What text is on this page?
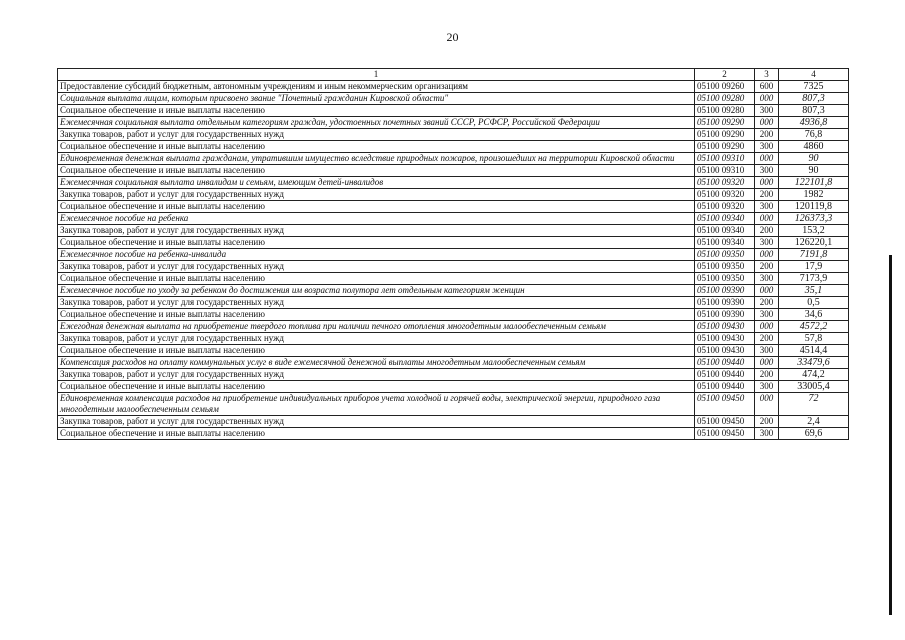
20
1	2	3	4
Предоставление субсидий бюджетным, автономным учреждениям и иным некоммерческим организациям	05100 09260	600	7325
Социальная выплата лицам, которым присвоено звание "Почетный гражданин Кировской области"	05100 09280	000	807,3
Социальное обеспечение и иные выплаты населению	05100 09280	300	807,3
Ежемесячная социальная выплата отдельным категориям граждан, удостоенных почетных званий СССР, РСФСР, Российской Федерации	05100 09290	000	4936,8
Закупка товаров, работ и услуг для государственных нужд	05100 09290	200	76,8
Социальное обеспечение и иные выплаты населению	05100 09290	300	4860
Единовременная денежная выплата гражданам, утратившим имущество вследствие природных пожаров, произошедших на территории Кировской области	05100 09310	000	90
Социальное обеспечение и иные выплаты населению	05100 09310	300	90
Ежемесячная социальная выплата инвалидам и семьям, имеющим детей-инвалидов	05100 09320	000	122101,8
Закупка товаров, работ и услуг для государственных нужд	05100 09320	200	1982
Социальное обеспечение и иные выплаты населению	05100 09320	300	120119,8
Ежемесячное пособие на ребенка	05100 09340	000	126373,3
Закупка товаров, работ и услуг для государственных нужд	05100 09340	200	153,2
Социальное обеспечение и иные выплаты населению	05100 09340	300	126220,1
Ежемесячное пособие на ребенка-инвалида	05100 09350	000	7191,8
Закупка товаров, работ и услуг для государственных нужд	05100 09350	200	17,9
Социальное обеспечение и иные выплаты населению	05100 09350	300	7173,9
Ежемесячное пособие по уходу за ребенком до достижения им возраста полутора лет отдельным категориям женщин	05100 09390	000	35,1
Закупка товаров, работ и услуг для государственных нужд	05100 09390	200	0,5
Социальное обеспечение и иные выплаты населению	05100 09390	300	34,6
Ежегодная денежная выплата на приобретение твердого топлива при наличии печного отопления многодетным малообеспеченным семьям	05100 09430	000	4572,2
Закупка товаров, работ и услуг для государственных нужд	05100 09430	200	57,8
Социальное обеспечение и иные выплаты населению	05100 09430	300	4514,4
Компенсация расходов на оплату коммунальных услуг в виде ежемесячной денежной выплаты многодетным малообеспеченным семьям	05100 09440	000	33479,6
Закупка товаров, работ и услуг для государственных нужд	05100 09440	200	474,2
Социальное обеспечение и иные выплаты населению	05100 09440	300	33005,4
Единовременная компенсация расходов на приобретение индивидуальных приборов учета холодной и горячей воды, электрической энергии, природного газа многодетным малообеспеченным семьям	05100 09450	000	72
Закупка товаров, работ и услуг для государственных нужд	05100 09450	200	2,4
Социальное обеспечение и иные выплаты населению	05100 09450	300	69,6
